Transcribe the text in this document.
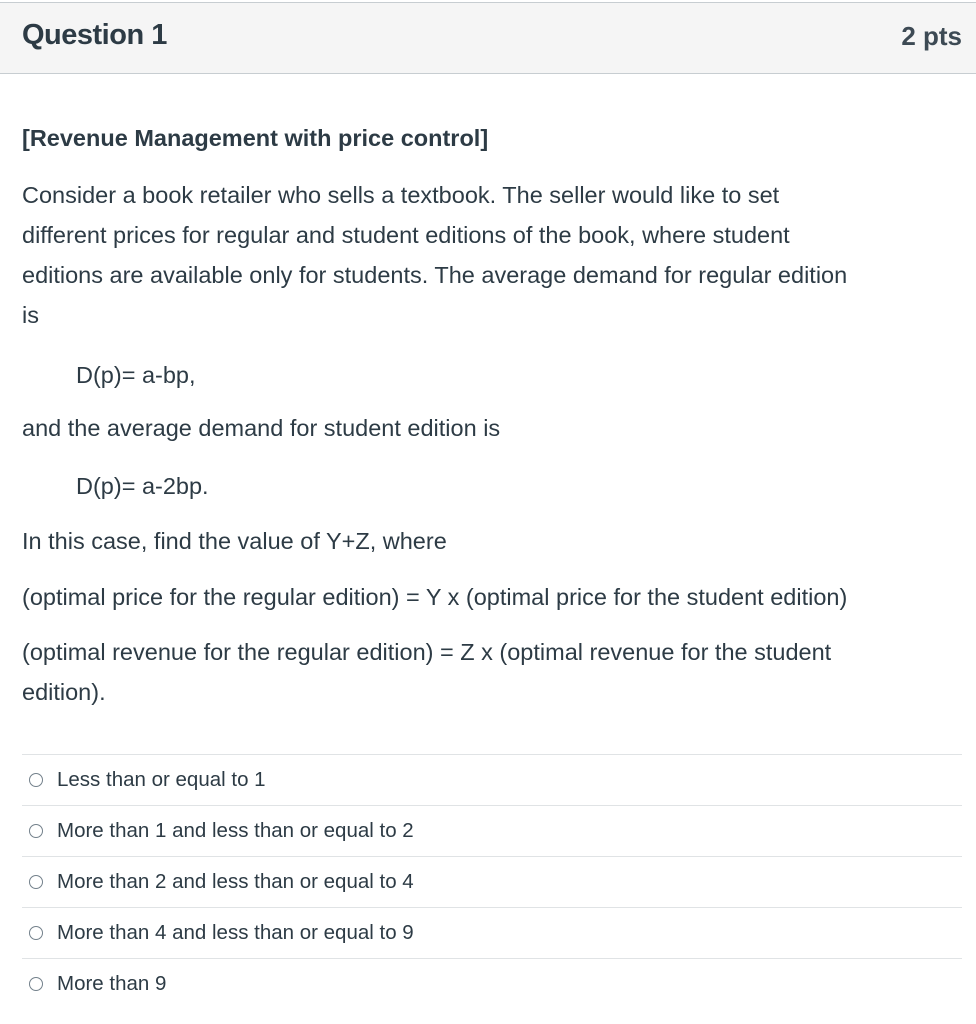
Question 1	2 pts
[Revenue Management with price control]
Consider a book retailer who sells a textbook. The seller would like to set
different prices for regular and student editions of the book, where student
editions are available only for students. The average demand for regular edition
is
D(p)= a-bp,
and the average demand for student edition is
D(p)= a-2bp.
In this case, find the value of Y+Z, where
(optimal price for the regular edition) = Y x (optimal price for the student edition)
(optimal revenue for the regular edition) = Z x (optimal revenue for the student
edition).
Less than or equal to 1
More than 1 and less than or equal to 2
More than 2 and less than or equal to 4
More than 4 and less than or equal to 9
More than 9
